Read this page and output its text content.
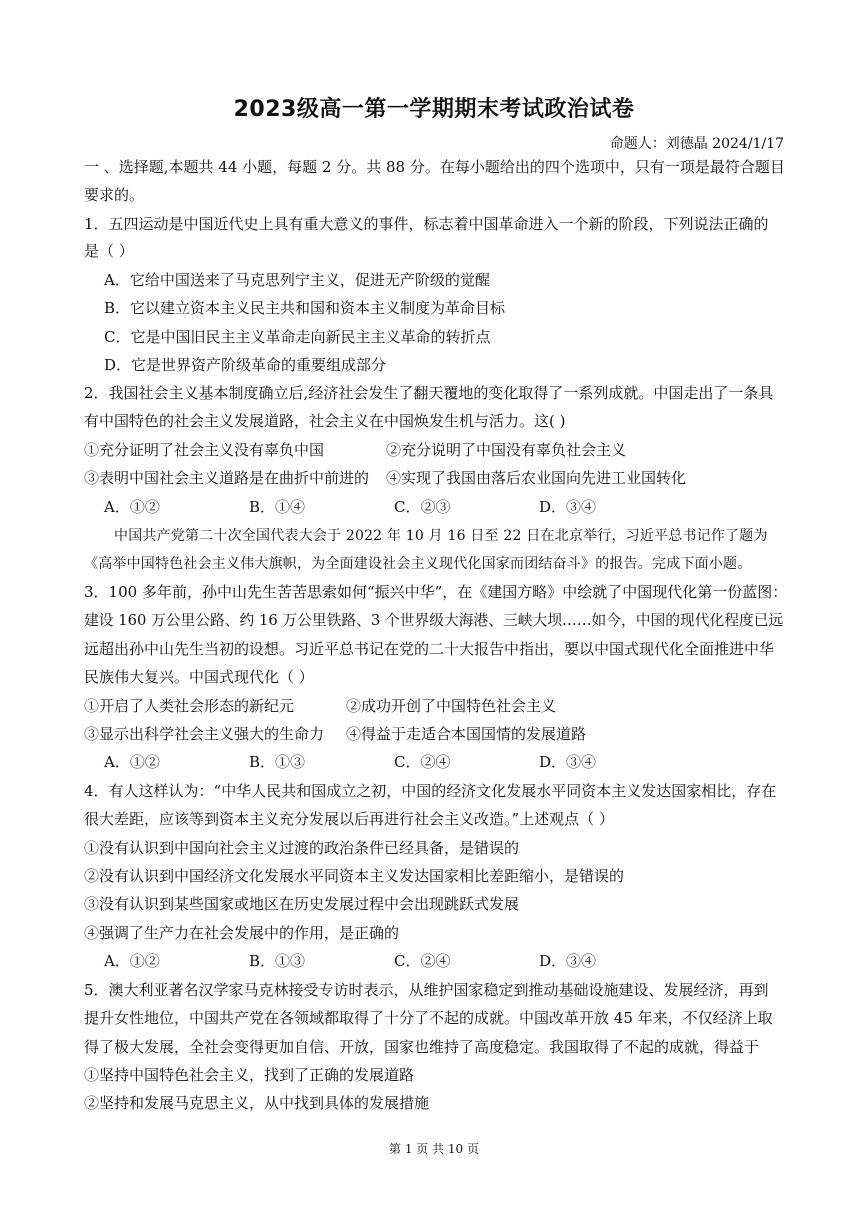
2023级高一第一学期期末考试政治试卷
命题人：刘德晶 2024/1/17
一 、选择题,本题共 44 小题，每题 2 分。共 88 分。在每小题给出的四个选项中，只有一项是最符合题目
要求的。
1．五四运动是中国近代史上具有重大意义的事件，标志着中国革命进入一个新的阶段，下列说法正确的
是（ ）
A．它给中国送来了马克思列宁主义，促进无产阶级的觉醒
B．它以建立资本主义民主共和国和资本主义制度为革命目标
C．它是中国旧民主主义革命走向新民主主义革命的转折点
D．它是世界资产阶级革命的重要组成部分
2．我国社会主义基本制度确立后,经济社会发生了翻天覆地的变化取得了一系列成就。中国走出了一条具
有中国特色的社会主义发展道路，社会主义在中国焕发生机与活力。这( )
①充分证明了社会主义没有辜负中国	②充分说明了中国没有辜负社会主义
③表明中国社会主义道路是在曲折中前进的 ④实现了我国由落后农业国向先进工业国转化
A．①②	B．①④	C．②③	D．③④
中国共产党第二十次全国代表大会于 2022 年 10 月 16 日至 22 日在北京举行，习近平总书记作了题为
《高举中国特色社会主义伟大旗帜，为全面建设社会主义现代化国家而团结奋斗》的报告。完成下面小题。
3．100 多年前，孙中山先生苦苦思索如何“振兴中华”，在《建国方略》中绘就了中国现代化第一份蓝图：
建设 160 万公里公路、约 16 万公里铁路、3 个世界级大海港、三峡大坝……如今，中国的现代化程度已远
远超出孙中山先生当初的设想。习近平总书记在党的二十大报告中指出，要以中国式现代化全面推进中华
民族伟大复兴。中国式现代化（ ）
①开启了人类社会形态的新纪元	②成功开创了中国特色社会主义
③显示出科学社会主义强大的生命力 ④得益于走适合本国国情的发展道路
A．①②	B．①③	C．②④	D．③④
4．有人这样认为：“中华人民共和国成立之初，中国的经济文化发展水平同资本主义发达国家相比，存在
很大差距，应该等到资本主义充分发展以后再进行社会主义改造。”上述观点（ ）
①没有认识到中国向社会主义过渡的政治条件已经具备，是错误的
②没有认识到中国经济文化发展水平同资本主义发达国家相比差距缩小，是错误的
③没有认识到某些国家或地区在历史发展过程中会出现跳跃式发展
④强调了生产力在社会发展中的作用，是正确的
A．①②	B．①③	C．②④	D．③④
5．澳大利亚著名汉学家马克林接受专访时表示，从维护国家稳定到推动基础设施建设、发展经济，再到
提升女性地位，中国共产党在各领域都取得了十分了不起的成就。中国改革开放 45 年来，不仅经济上取
得了极大发展，全社会变得更加自信、开放，国家也维持了高度稳定。我国取得了不起的成就，得益于
①坚持中国特色社会主义，找到了正确的发展道路
②坚持和发展马克思主义，从中找到具体的发展措施
第 1 页 共 10 页
